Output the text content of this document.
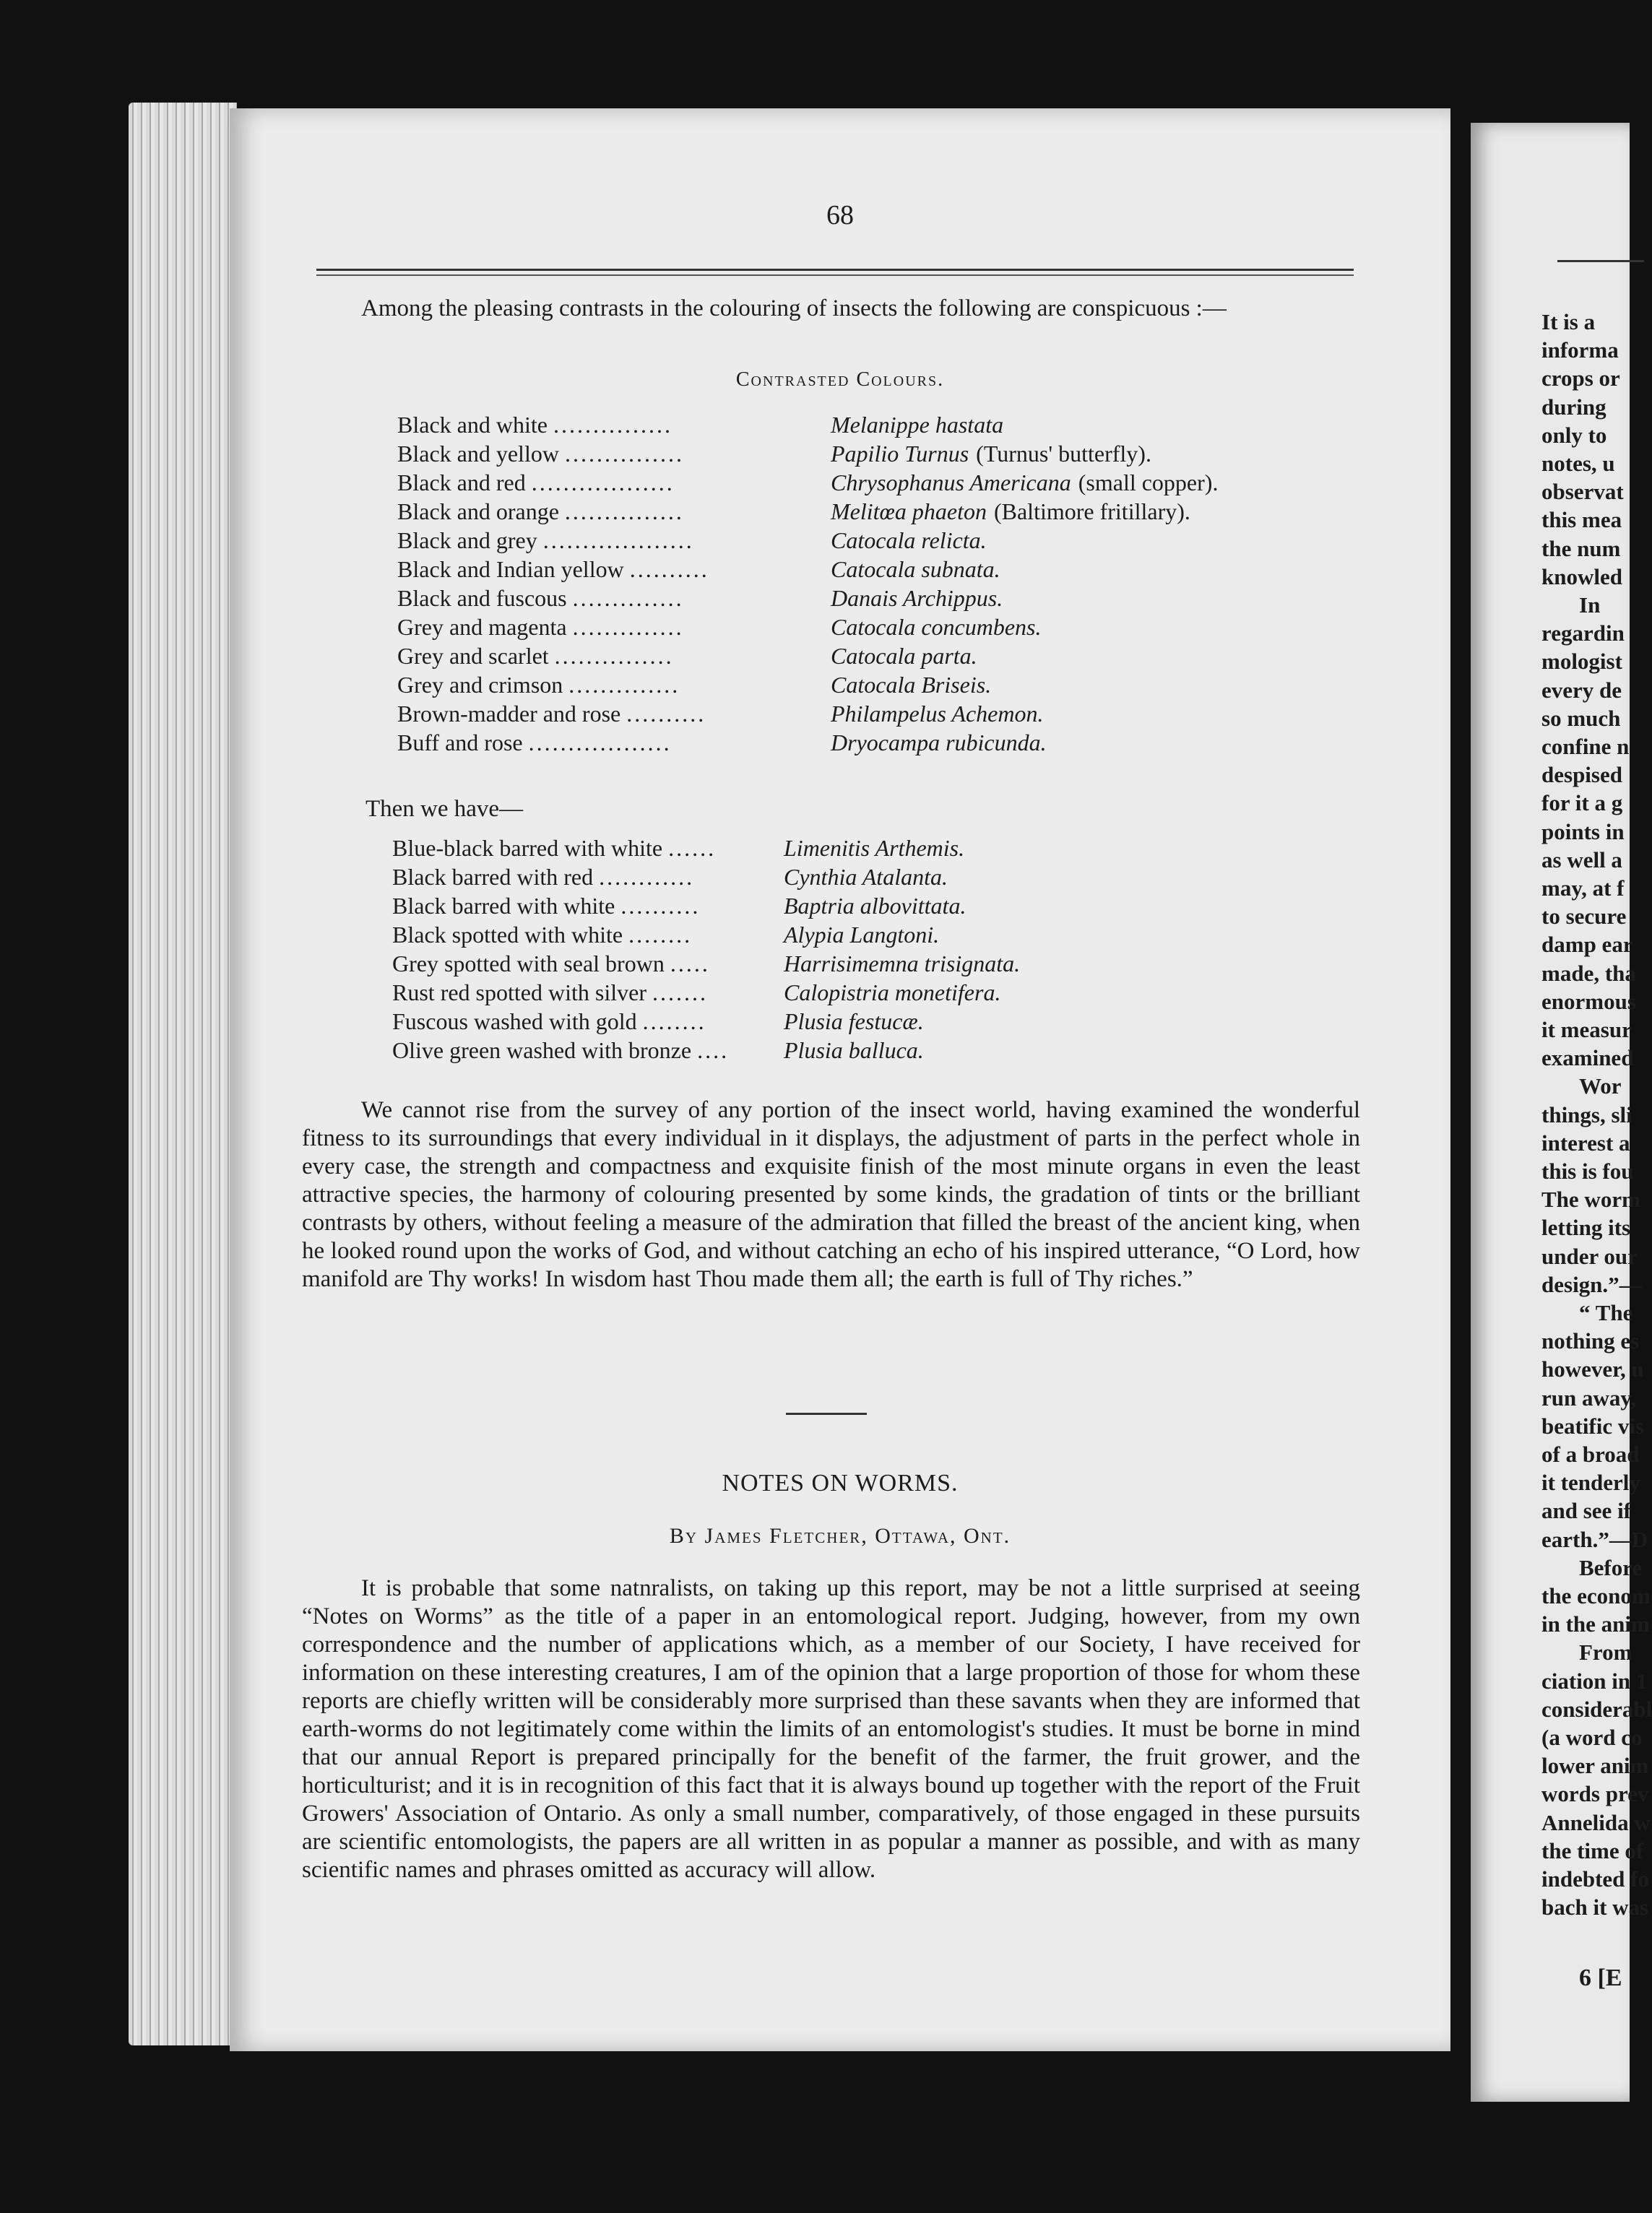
68
Among the pleasing contrasts in the colouring of insects the following are conspicuous :—
Contrasted Colours.
Black and white ...............	Melanippe hastata
Black and yellow ...............	Papilio Turnus (Turnus' butterfly).
Black and red ..................	Chrysophanus Americana (small copper).
Black and orange ...............	Melitœa phaeton (Baltimore fritillary).
Black and grey ...................	Catocala relicta.
Black and Indian yellow ..........	Catocala subnata.
Black and fuscous ..............	Danais Archippus.
Grey and magenta ..............	Catocala concumbens.
Grey and scarlet ...............	Catocala parta.
Grey and crimson ..............	Catocala Briseis.
Brown-madder and rose ..........	Philampelus Achemon.
Buff and rose ..................	Dryocampa rubicunda.
Then we have—
Blue-black barred with white ......	Limenitis Arthemis.
Black barred with red ............	Cynthia Atalanta.
Black barred with white ..........	Baptria albovittata.
Black spotted with white ........	Alypia Langtoni.
Grey spotted with seal brown .....	Harrisimemna trisignata.
Rust red spotted with silver .......	Calopistria monetifera.
Fuscous washed with gold ........	Plusia festucæ.
Olive green washed with bronze ....	Plusia balluca.
We cannot rise from the survey of any portion of the insect world, having examined the wonderful fitness to its surroundings that every individual in it displays, the adjustment of parts in the perfect whole in every case, the strength and compactness and exquisite finish of the most minute organs in even the least attractive species, the harmony of colouring presented by some kinds, the gradation of tints or the brilliant contrasts by others, without feeling a measure of the admiration that filled the breast of the ancient king, when he looked round upon the works of God, and without catching an echo of his inspired utterance, “O Lord, how manifold are Thy works! In wisdom hast Thou made them all; the earth is full of Thy riches.”
NOTES ON WORMS.
By James Fletcher, Ottawa, Ont.
It is probable that some natnralists, on taking up this report, may be not a little surprised at seeing “Notes on Worms” as the title of a paper in an entomological report. Judging, however, from my own correspondence and the number of applications which, as a member of our Society, I have received for information on these interesting creatures, I am of the opinion that a large proportion of those for whom these reports are chiefly written will be considerably more surprised than these savants when they are informed that earth-worms do not legitimately come within the limits of an entomologist's studies. It must be borne in mind that our annual Report is prepared principally for the benefit of the farmer, the fruit grower, and the horticulturist; and it is in recognition of this fact that it is always bound up together with the report of the Fruit Growers' Association of Ontario. As only a small number, comparatively, of those engaged in these pursuits are scientific entomologists, the papers are all written in as popular a manner as possible, and with as many scientific names and phrases omitted as accuracy will allow.
It is a
informa
crops or
during
only to
notes, u
observat
this mea
the num
knowled
In
regardin
mologist
every de
so much
confine n
despised
for it a g
points in
as well a
may, at f
to secure
damp ear
made, tha
enormous
it measur
examined
Wor
things, sli
interest a
this is fou
The worm
letting its
under our
design.”—
“ The
nothing es
however, u
run away,
beatific vis
of a broad
it tenderly
and see if
earth.”—D
Before
the econom
in the anim
From
ciation in 1
considerabl
(a word co
lower anim
words prev
Annelida w
the time of
indebted fo
bach it was
6 [E
